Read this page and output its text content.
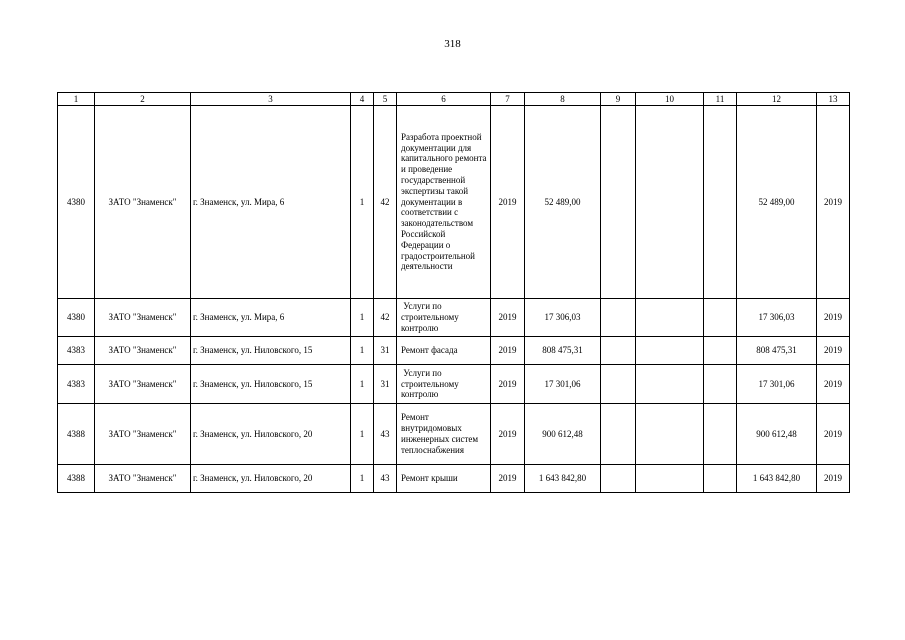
318
1	2	3	4	5	6	7	8	9	10	11	12	13
4380	ЗАТО "Знаменск"	г. Знаменск, ул. Мира, 6	1	42	Разработа проектной документации для капитального ремонта и проведение государственной экспертизы такой документации в соответствии с законодательством Российской Федерации о градостроительной деятельности	2019	52 489,00				52 489,00	2019
4380	ЗАТО "Знаменск"	г. Знаменск, ул. Мира, 6	1	42	Услуги по строительному контролю	2019	17 306,03				17 306,03	2019
4383	ЗАТО "Знаменск"	г. Знаменск, ул. Ниловского, 15	1	31	Ремонт фасада	2019	808 475,31				808 475,31	2019
4383	ЗАТО "Знаменск"	г. Знаменск, ул. Ниловского, 15	1	31	Услуги по строительному контролю	2019	17 301,06				17 301,06	2019
4388	ЗАТО "Знаменск"	г. Знаменск, ул. Ниловского, 20	1	43	Ремонт внутридомовых инженерных систем теплоснабжения	2019	900 612,48				900 612,48	2019
4388	ЗАТО "Знаменск"	г. Знаменск, ул. Ниловского, 20	1	43	Ремонт крыши	2019	1 643 842,80				1 643 842,80	2019
